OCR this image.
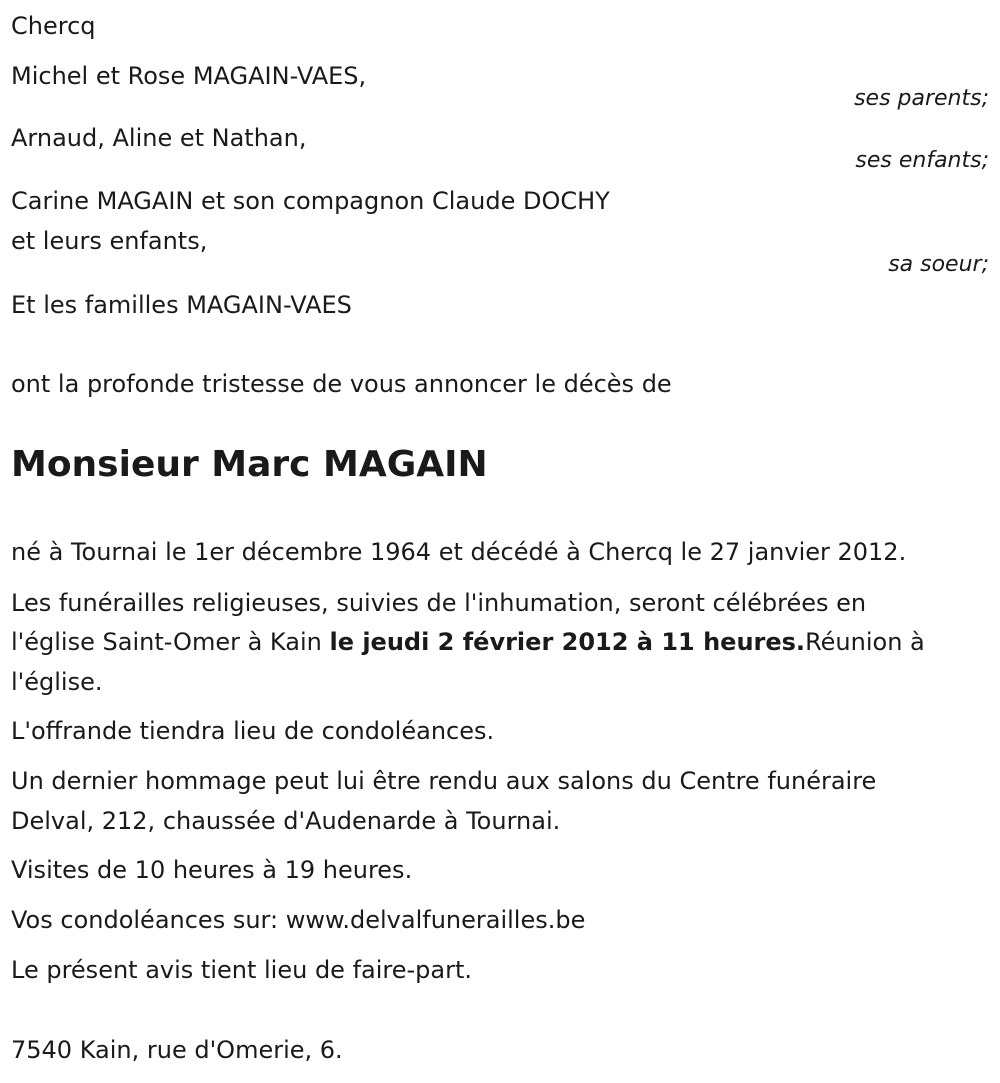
Chercq
Michel et Rose MAGAIN-VAES,
ses parents;
Arnaud, Aline et Nathan,
ses enfants;
Carine MAGAIN et son compagnon Claude DOCHY
et leurs enfants,
sa soeur;
Et les familles MAGAIN-VAES
ont la profonde tristesse de vous annoncer le décès de
Monsieur Marc MAGAIN
né à Tournai le 1er décembre 1964 et décédé à Chercq le 27 janvier 2012.
Les funérailles religieuses, suivies de l'inhumation, seront célébrées en
l'église Saint-Omer à Kain le jeudi 2 février 2012 à 11 heures.Réunion à
l'église.
L'offrande tiendra lieu de condoléances.
Un dernier hommage peut lui être rendu aux salons du Centre funéraire
Delval, 212, chaussée d'Audenarde à Tournai.
Visites de 10 heures à 19 heures.
Vos condoléances sur: www.delvalfunerailles.be
Le présent avis tient lieu de faire-part.
7540 Kain, rue d'Omerie, 6.
